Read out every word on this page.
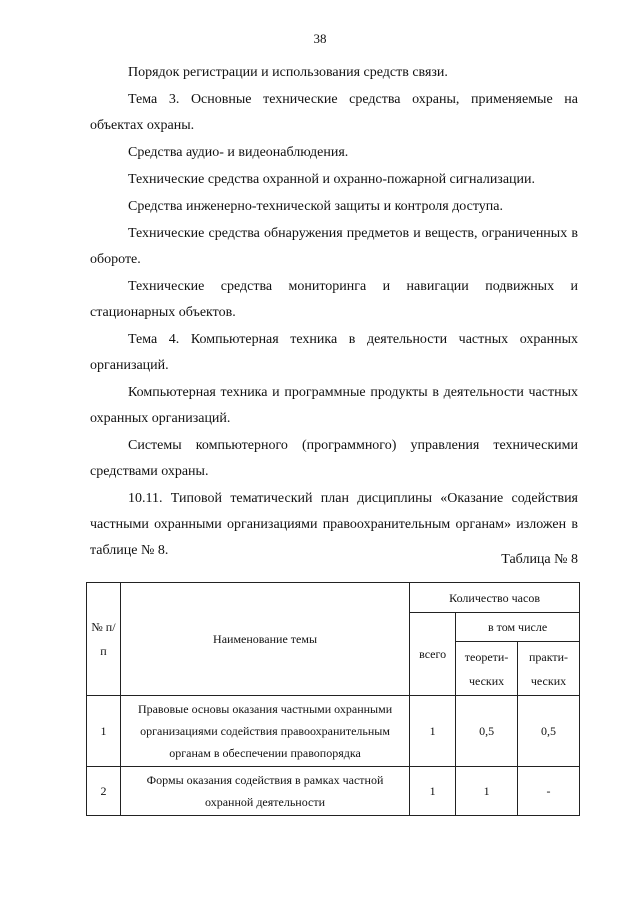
38

Порядок регистрации и использования средств связи.

Тема 3. Основные технические средства охраны, применяемые на объектах охраны.

Средства аудио- и видеонаблюдения.

Технические средства охранной и охранно-пожарной сигнализации.

Средства инженерно-технической защиты и контроля доступа.

Технические средства обнаружения предметов и веществ, ограниченных в обороте.

Технические средства мониторинга и навигации подвижных и стационарных объектов.

Тема 4. Компьютерная техника в деятельности частных охранных организаций.

Компьютерная техника и программные продукты в деятельности частных охранных организаций.

Системы компьютерного (программного) управления техническими средствами охраны.

10.11. Типовой тематический план дисциплины «Оказание содействия частными охранными организациями правоохранительным органам» изложен в таблице № 8.

Таблица № 8
№ п/п	Наименование темы	Количество часов		
		всего	в том числе	
			теорети-ческих	практи-ческих
1	Правовые основы оказания частными охранными организациями содействия правоохранительным органам в обеспечении правопорядка	1	0,5	0,5
2	Формы оказания содействия в рамках частной охранной деятельности	1	1	-
